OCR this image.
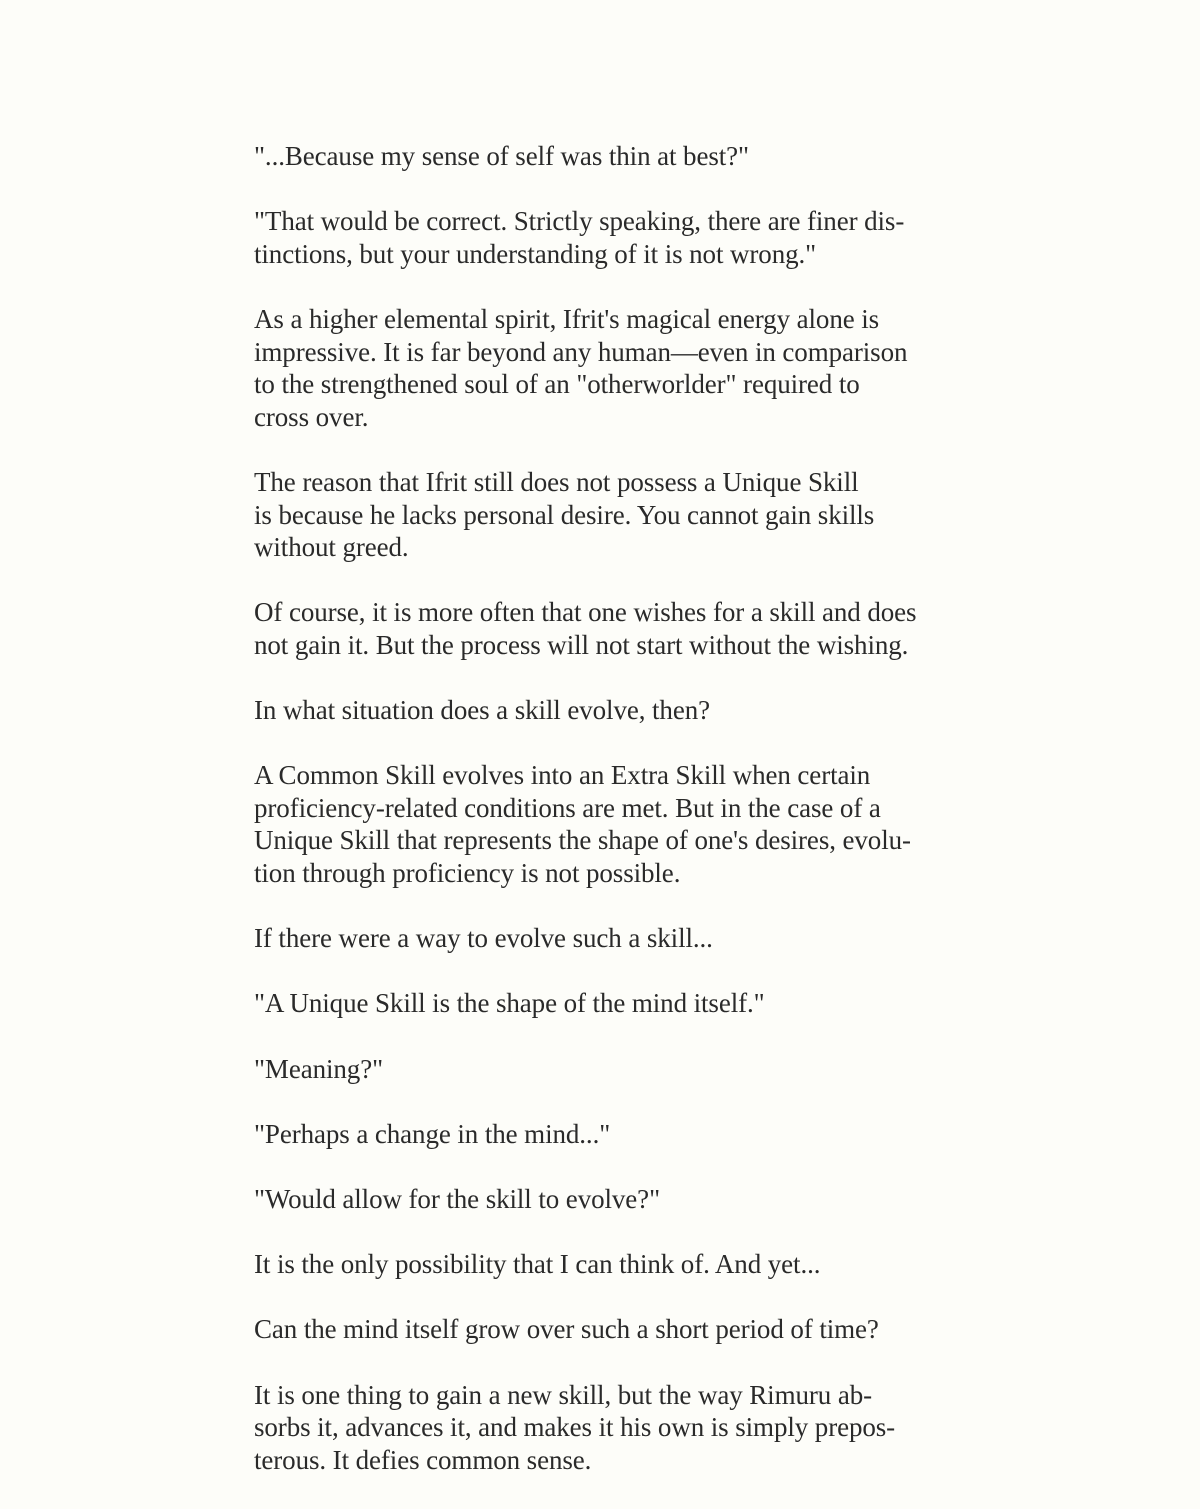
"...Because my sense of self was thin at best?"

"That would be correct. Strictly speaking, there are finer dis-
tinctions, but your understanding of it is not wrong."

As a higher elemental spirit, Ifrit's magical energy alone is
impressive. It is far beyond any human—even in comparison
to the strengthened soul of an "otherworlder" required to
cross over.

The reason that Ifrit still does not possess a Unique Skill
is because he lacks personal desire. You cannot gain skills
without greed.

Of course, it is more often that one wishes for a skill and does
not gain it. But the process will not start without the wishing.

In what situation does a skill evolve, then?

A Common Skill evolves into an Extra Skill when certain
proficiency-related conditions are met. But in the case of a
Unique Skill that represents the shape of one's desires, evolu-
tion through proficiency is not possible.

If there were a way to evolve such a skill...

"A Unique Skill is the shape of the mind itself."

"Meaning?"

"Perhaps a change in the mind..."

"Would allow for the skill to evolve?"

It is the only possibility that I can think of. And yet...

Can the mind itself grow over such a short period of time?

It is one thing to gain a new skill, but the way Rimuru ab-
sorbs it, advances it, and makes it his own is simply prepos-
terous. It defies common sense.
